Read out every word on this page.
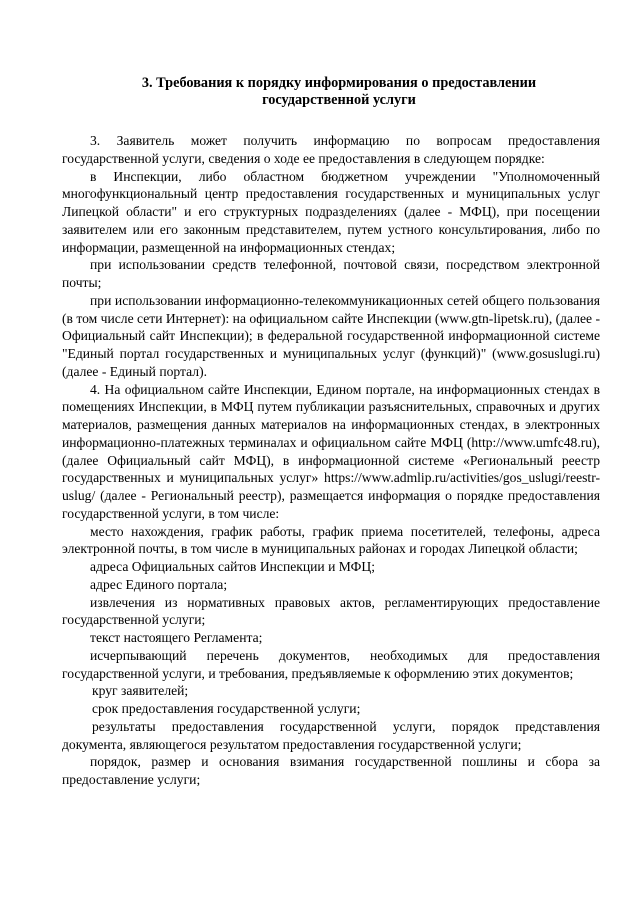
3. Требования к порядку информирования о предоставлении
государственной услуги

3. Заявитель может получить информацию по вопросам предоставления государственной услуги, сведения о ходе ее предоставления в следующем порядке:

в Инспекции, либо областном бюджетном учреждении "Уполномоченный многофункциональный центр предоставления государственных и муниципальных услуг Липецкой области" и его структурных подразделениях (далее - МФЦ), при посещении заявителем или его законным представителем, путем устного консультирования, либо по информации, размещенной на информационных стендах;

при использовании средств телефонной, почтовой связи, посредством электронной почты;

при использовании информационно-телекоммуникационных сетей общего пользования (в том числе сети Интернет): на официальном сайте Инспекции (www.gtn-lipetsk.ru), (далее - Официальный сайт Инспекции); в федеральной государственной информационной системе "Единый портал государственных и муниципальных услуг (функций)" (www.gosuslugi.ru) (далее - Единый портал).

4. На официальном сайте Инспекции, Едином портале, на информационных стендах в помещениях Инспекции, в МФЦ путем публикации разъяснительных, справочных и других материалов, размещения данных материалов на информационных стендах, в электронных информационно-платежных терминалах и официальном сайте МФЦ (http://www.umfc48.ru), (далее Официальный сайт МФЦ), в информационной системе «Региональный реестр государственных и муниципальных услуг» https://www.admlip.ru/activities/gos_uslugi/reestr-uslug/ (далее - Региональный реестр), размещается информация о порядке предоставления государственной услуги, в том числе:

место нахождения, график работы, график приема посетителей, телефоны, адреса электронной почты, в том числе в муниципальных районах и городах Липецкой области;

адреса Официальных сайтов Инспекции и МФЦ;

адрес Единого портала;

извлечения из нормативных правовых актов, регламентирующих предоставление государственной услуги;

текст настоящего Регламента;

исчерпывающий перечень документов, необходимых для предоставления государственной услуги, и требования, предъявляемые к оформлению этих документов;

круг заявителей;

срок предоставления государственной услуги;

результаты предоставления государственной услуги, порядок представления документа, являющегося результатом предоставления государственной услуги;

порядок, размер и основания взимания государственной пошлины и сбора за предоставление услуги;
